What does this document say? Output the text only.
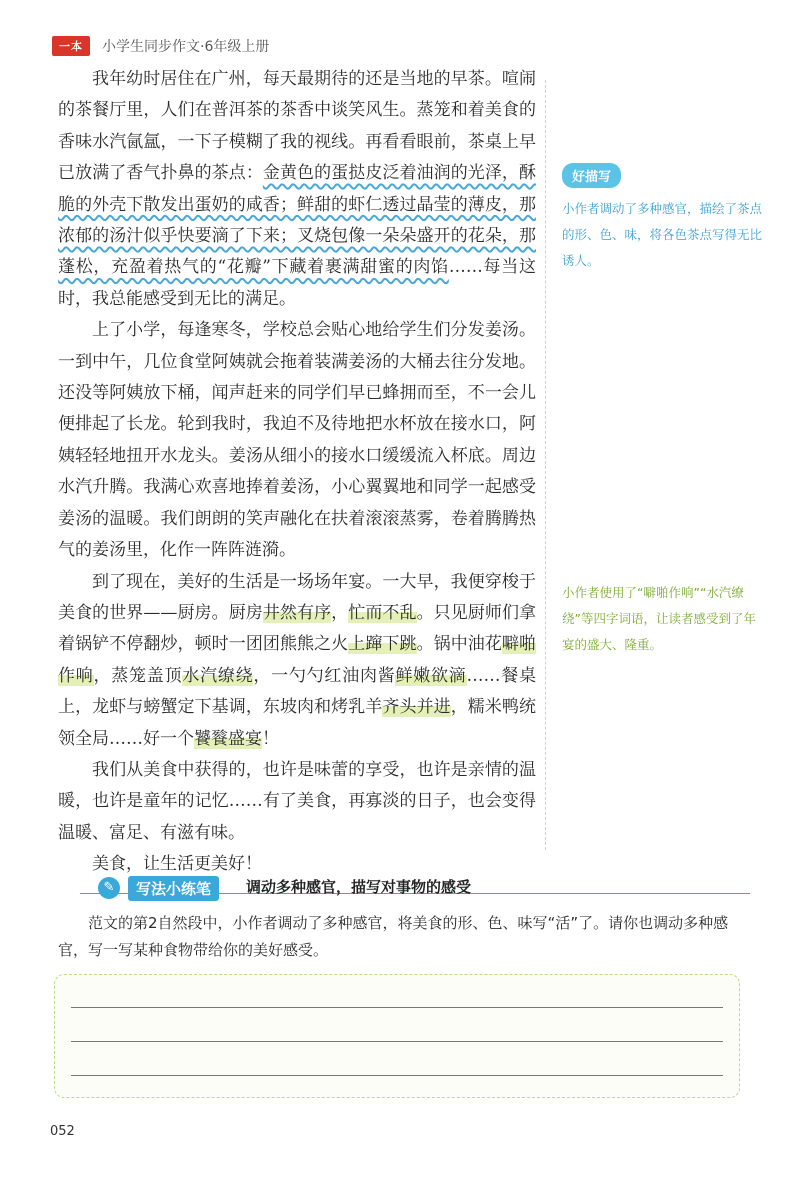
一本	小学生同步作文·6年级上册

我年幼时居住在广州，每天最期待的还是当地的早茶。喧闹的茶餐厅里，人们在普洱茶的茶香中谈笑风生。蒸笼和着美食的香味水汽氤氲，一下子模糊了我的视线。再看看眼前，茶桌上早已放满了香气扑鼻的茶点：金黄色的蛋挞皮泛着油润的光泽，酥脆的外壳下散发出蛋奶的咸香；鲜甜的虾仁透过晶莹的薄皮，那浓郁的汤汁似乎快要滴了下来；叉烧包像一朵朵盛开的花朵，那蓬松，充盈着热气的“花瓣”下藏着裹满甜蜜的肉馅……每当这时，我总能感受到无比的满足。

上了小学，每逢寒冬，学校总会贴心地给学生们分发姜汤。一到中午，几位食堂阿姨就会拖着装满姜汤的大桶去往分发地。还没等阿姨放下桶，闻声赶来的同学们早已蜂拥而至，不一会儿便排起了长龙。轮到我时，我迫不及待地把水杯放在接水口，阿姨轻轻地扭开水龙头。姜汤从细小的接水口缓缓流入杯底。周边水汽升腾。我满心欢喜地捧着姜汤，小心翼翼地和同学一起感受姜汤的温暖。我们朗朗的笑声融化在扶着滚滚蒸雾，卷着腾腾热气的姜汤里，化作一阵阵涟漪。

到了现在，美好的生活是一场场年宴。一大早，我便穿梭于美食的世界——厨房。厨房井然有序，忙而不乱。只见厨师们拿着锅铲不停翻炒，顿时一团团熊熊之火上蹿下跳。锅中油花噼啪作响，蒸笼盖顶水汽缭绕，一勺勺红油肉酱鲜嫩欲滴……餐桌上，龙虾与螃蟹定下基调，东坡肉和烤乳羊齐头并进，糯米鸭统领全局……好一个饕餮盛宴！

我们从美食中获得的，也许是味蕾的享受，也许是亲情的温暖，也许是童年的记忆……有了美食，再寡淡的日子，也会变得温暖、富足、有滋有味。

美食，让生活更美好！

好描写
小作者调动了多种感官，描绘了茶点的形、色、味，将各色茶点写得无比诱人。
小作者使用了“噼啪作响”“水汽缭绕”等四字词语，让读者感受到了年宴的盛大、隆重。
✎	写法小练笔	调动多种感官，描写对事物的感受

范文的第2自然段中，小作者调动了多种感官，将美食的形、色、味写“活”了。请你也调动多种感官，写一写某种食物带给你的美好感受。

052
